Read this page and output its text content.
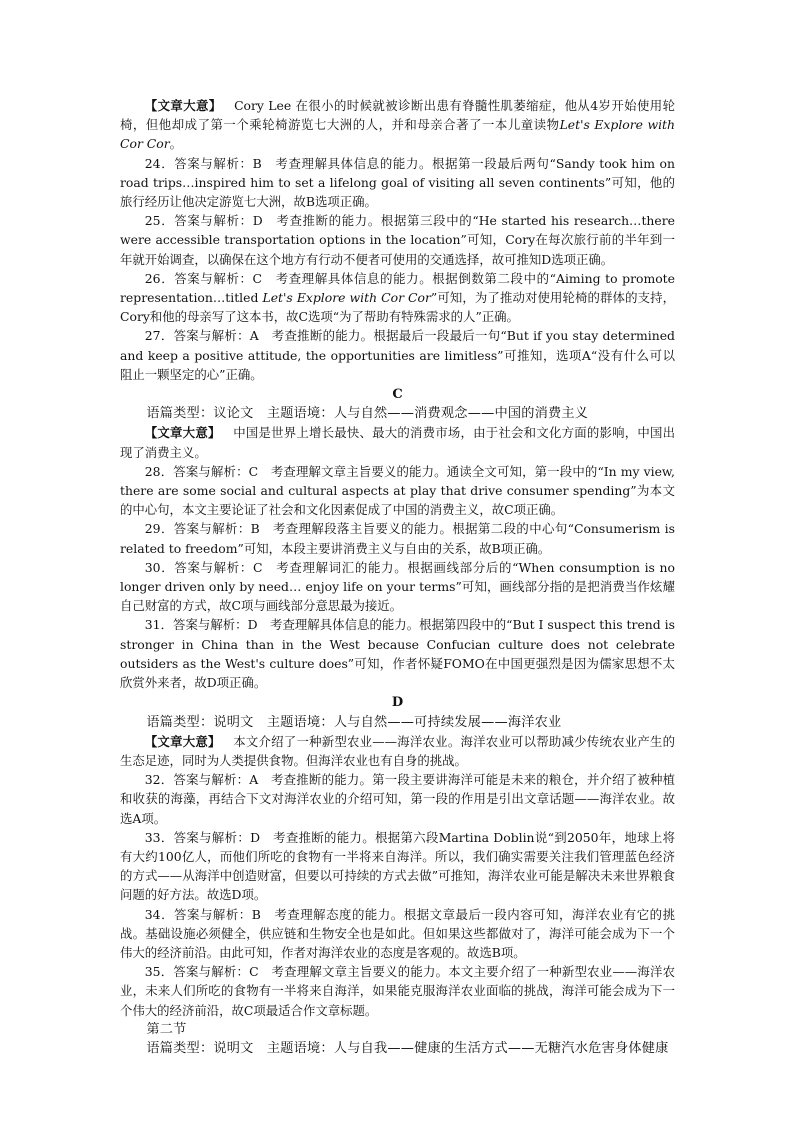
【文章大意】 Cory Lee 在很小的时候就被诊断出患有脊髓性肌萎缩症，他从4岁开始使用轮椅，但他却成了第一个乘轮椅游览七大洲的人，并和母亲合著了一本儿童读物Let's Explore with Cor Cor。

24．答案与解析：B　考查理解具体信息的能力。根据第一段最后两句“Sandy took him on road trips…inspired him to set a lifelong goal of visiting all seven continents”可知，他的旅行经历让他决定游览七大洲，故B选项正确。

25．答案与解析：D　考查推断的能力。根据第三段中的“He started his research…there were accessible transportation options in the location”可知，Cory在每次旅行前的半年到一年就开始调查，以确保在这个地方有行动不便者可使用的交通选择，故可推知D选项正确。

26．答案与解析：C　考查理解具体信息的能力。根据倒数第二段中的“Aiming to promote representation…titled Let's Explore with Cor Cor”可知，为了推动对使用轮椅的群体的支持，Cory和他的母亲写了这本书，故C选项“为了帮助有特殊需求的人”正确。

27．答案与解析：A　考查推断的能力。根据最后一段最后一句“But if you stay determined and keep a positive attitude, the opportunities are limitless”可推知，选项A“没有什么可以阻止一颗坚定的心”正确。

C

语篇类型：议论文　主题语境：人与自然——消费观念——中国的消费主义

【文章大意】 中国是世界上增长最快、最大的消费市场，由于社会和文化方面的影响，中国出现了消费主义。

28．答案与解析：C　考查理解文章主旨要义的能力。通读全文可知，第一段中的“In my view, there are some social and cultural aspects at play that drive consumer spending”为本文的中心句，本文主要论证了社会和文化因素促成了中国的消费主义，故C项正确。

29．答案与解析：B　考查理解段落主旨要义的能力。根据第二段的中心句“Consumerism is related to freedom”可知，本段主要讲消费主义与自由的关系，故B项正确。

30．答案与解析：C　考查理解词汇的能力。根据画线部分后的“When consumption is no longer driven only by need… enjoy life on your terms”可知，画线部分指的是把消费当作炫耀自己财富的方式，故C项与画线部分意思最为接近。

31．答案与解析：D　考查理解具体信息的能力。根据第四段中的“But I suspect this trend is stronger in China than in the West because Confucian culture does not celebrate outsiders as the West's culture does”可知，作者怀疑FOMO在中国更强烈是因为儒家思想不太欣赏外来者，故D项正确。

D

语篇类型：说明文　主题语境：人与自然——可持续发展——海洋农业

【文章大意】 本文介绍了一种新型农业——海洋农业。海洋农业可以帮助减少传统农业产生的生态足迹，同时为人类提供食物。但海洋农业也有自身的挑战。

32．答案与解析：A　考查推断的能力。第一段主要讲海洋可能是未来的粮仓，并介绍了被种植和收获的海藻，再结合下文对海洋农业的介绍可知，第一段的作用是引出文章话题——海洋农业。故选A项。

33．答案与解析：D　考查推断的能力。根据第六段Martina Doblin说“到2050年，地球上将有大约100亿人，而他们所吃的食物有一半将来自海洋。所以，我们确实需要关注我们管理蓝色经济的方式——从海洋中创造财富，但要以可持续的方式去做”可推知，海洋农业可能是解决未来世界粮食问题的好方法。故选D项。

34．答案与解析：B　考查理解态度的能力。根据文章最后一段内容可知，海洋农业有它的挑战。基础设施必须健全，供应链和生物安全也是如此。但如果这些都做对了，海洋可能会成为下一个伟大的经济前沿。由此可知，作者对海洋农业的态度是客观的。故选B项。

35．答案与解析：C　考查理解文章主旨要义的能力。本文主要介绍了一种新型农业——海洋农业，未来人们所吃的食物有一半将来自海洋，如果能克服海洋农业面临的挑战，海洋可能会成为下一个伟大的经济前沿，故C项最适合作文章标题。

第二节

语篇类型：说明文　主题语境：人与自我——健康的生活方式——无糖汽水危害身体健康
